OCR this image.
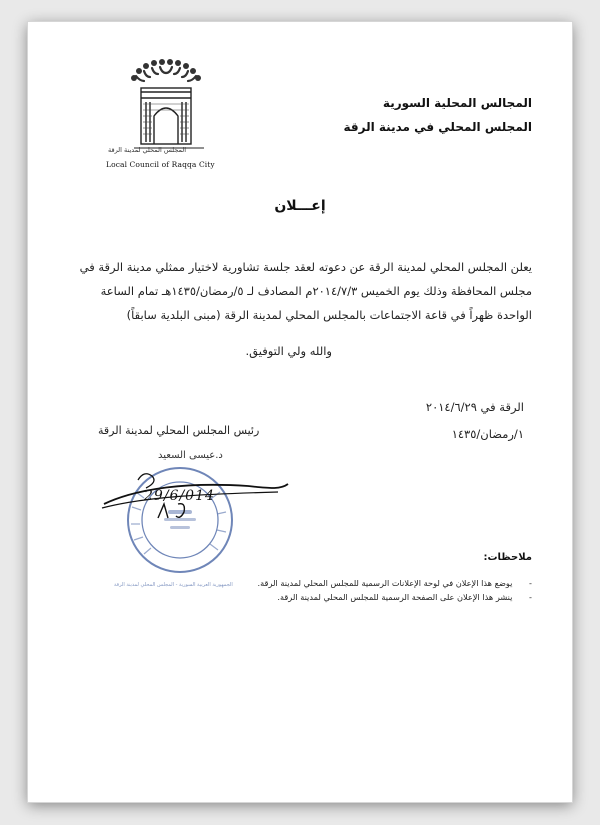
Local Council of Raqqa City
المجلس المحلي لمدينة الرقة
المجالس المحلية السورية
المجلس المحلي في مدينة الرقة
إعـــلان
يعلن المجلس المحلي لمدينة الرقة عن دعوته لعقد جلسة تشاورية لاختيار ممثلي مدينة الرقة في
مجلس المحافظة وذلك يوم الخميس ٢٠١٤/٧/٣م المصادف لـ ٥/رمضان/١٤٣٥هـ تمام الساعة
الواحدة ظهراً في قاعة الاجتماعات بالمجلس المحلي لمدينة الرقة (مبنى البلدية سابقاً)
والله ولي التوفيق.
الرقة في ٢٠١٤/٦/٢٩
١/رمضان/١٤٣٥
رئيس المجلس المحلي لمدينة الرقة
د.عيسى السعيد
29/6/014
ملاحظات:
- يوضع هذا الإعلان في لوحة الإعلانات الرسمية للمجلس المحلي لمدينة الرقة.
- ينشر هذا الإعلان على الصفحة الرسمية للمجلس المحلي لمدينة الرقة.
الجمهورية العربية السورية - المجلس المحلي لمدينة الرقة
